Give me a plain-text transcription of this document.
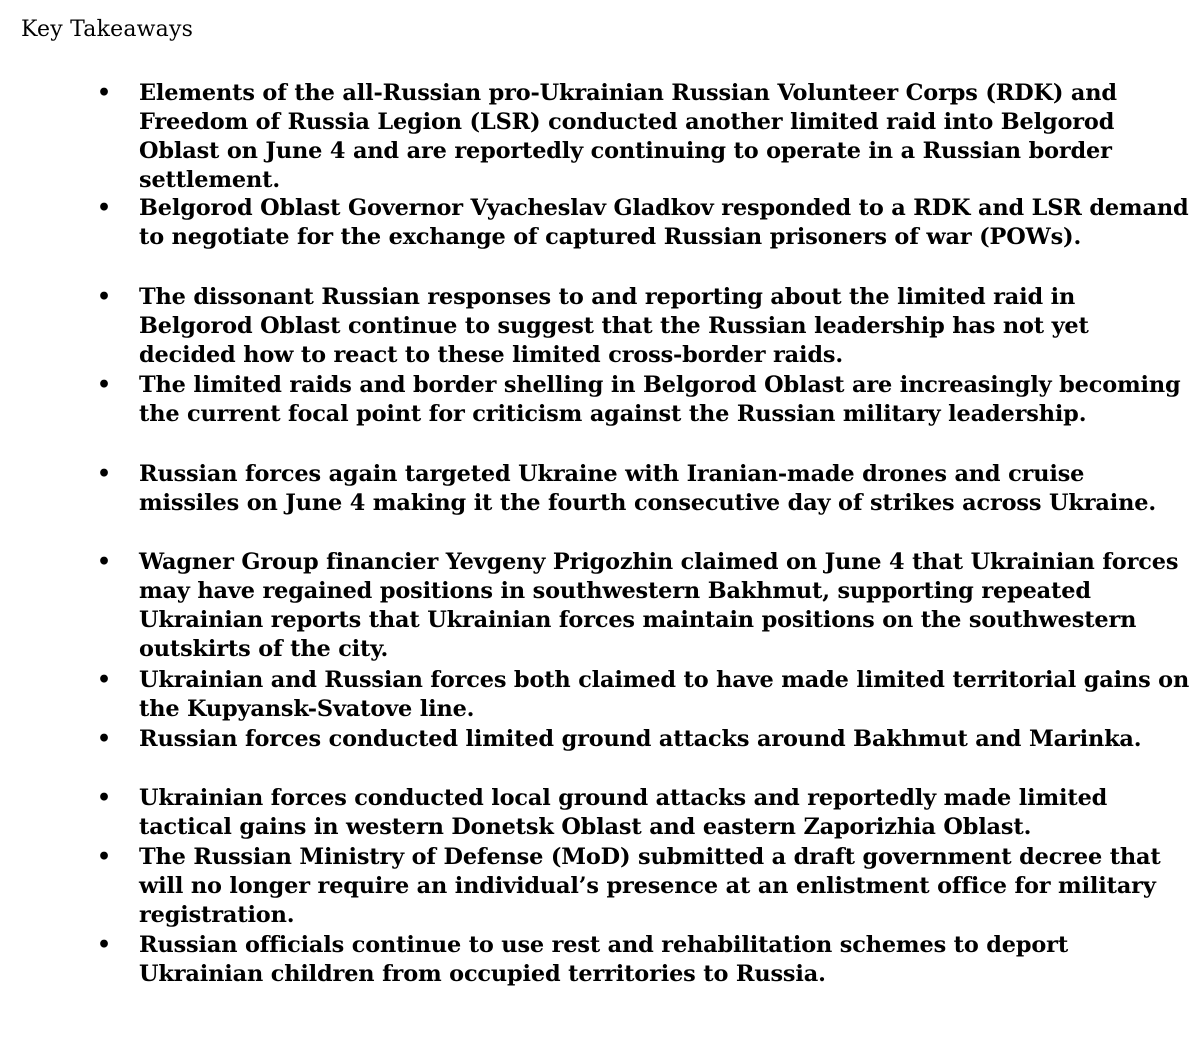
Key Takeaways
• Elements of the all-Russian pro-Ukrainian Russian Volunteer Corps (RDK) and Freedom of Russia Legion (LSR) conducted another limited raid into Belgorod Oblast on June 4 and are reportedly continuing to operate in a Russian border settlement.
• Belgorod Oblast Governor Vyacheslav Gladkov responded to a RDK and LSR demand to negotiate for the exchange of captured Russian prisoners of war (POWs).
• The dissonant Russian responses to and reporting about the limited raid in Belgorod Oblast continue to suggest that the Russian leadership has not yet decided how to react to these limited cross-border raids.
• The limited raids and border shelling in Belgorod Oblast are increasingly becoming the current focal point for criticism against the Russian military leadership.
• Russian forces again targeted Ukraine with Iranian-made drones and cruise missiles on June 4 making it the fourth consecutive day of strikes across Ukraine.
• Wagner Group financier Yevgeny Prigozhin claimed on June 4 that Ukrainian forces may have regained positions in southwestern Bakhmut, supporting repeated Ukrainian reports that Ukrainian forces maintain positions on the southwestern outskirts of the city.
• Ukrainian and Russian forces both claimed to have made limited territorial gains on the Kupyansk-Svatove line.
• Russian forces conducted limited ground attacks around Bakhmut and Marinka.
• Ukrainian forces conducted local ground attacks and reportedly made limited tactical gains in western Donetsk Oblast and eastern Zaporizhia Oblast.
• The Russian Ministry of Defense (MoD) submitted a draft government decree that will no longer require an individual’s presence at an enlistment office for military registration.
• Russian officials continue to use rest and rehabilitation schemes to deport Ukrainian children from occupied territories to Russia.
